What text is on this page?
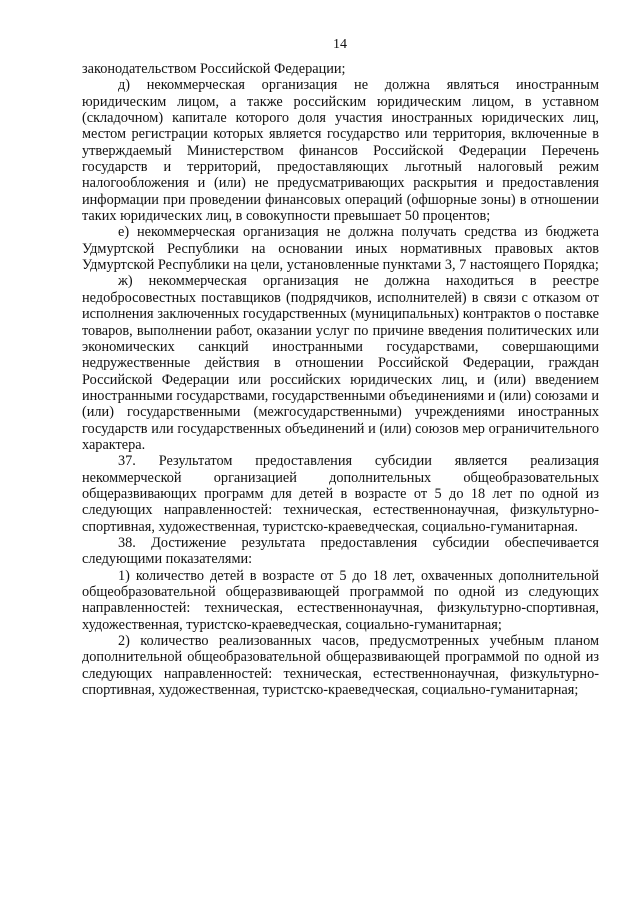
14

законодательством Российской Федерации;

д) некоммерческая организация не должна являться иностранным юридическим лицом, а также российским юридическим лицом, в уставном (складочном) капитале которого доля участия иностранных юридических лиц, местом регистрации которых является государство или территория, включенные в утверждаемый Министерством финансов Российской Федерации Перечень государств и территорий, предоставляющих льготный налоговый режим налогообложения и (или) не предусматривающих раскрытия и предоставления информации при проведении финансовых операций (офшорные зоны) в отношении таких юридических лиц, в совокупности превышает 50 процентов;

е) некоммерческая организация не должна получать средства из бюджета Удмуртской Республики на основании иных нормативных правовых актов Удмуртской Республики на цели, установленные пунктами 3, 7 настоящего Порядка;

ж) некоммерческая организация не должна находиться в реестре недобросовестных поставщиков (подрядчиков, исполнителей) в связи с отказом от исполнения заключенных государственных (муниципальных) контрактов о поставке товаров, выполнении работ, оказании услуг по причине введения политических или экономических санкций иностранными государствами, совершающими недружественные действия в отношении Российской Федерации, граждан Российской Федерации или российских юридических лиц, и (или) введением иностранными государствами, государственными объединениями и (или) союзами и (или) государственными (межгосударственными) учреждениями иностранных государств или государственных объединений и (или) союзов мер ограничительного характера.

37. Результатом предоставления субсидии является реализация некоммерческой организацией дополнительных общеобразовательных общеразвивающих программ для детей в возрасте от 5 до 18 лет по одной из следующих направленностей: техническая, естественнонаучная, физкультурно-спортивная, художественная, туристско-краеведческая, социально-гуманитарная.

38. Достижение результата предоставления субсидии обеспечивается следующими показателями:

1) количество детей в возрасте от 5 до 18 лет, охваченных дополнительной общеобразовательной общеразвивающей программой по одной из следующих направленностей: техническая, естественнонаучная, физкультурно-спортивная, художественная, туристско-краеведческая, социально-гуманитарная;

2) количество реализованных часов, предусмотренных учебным планом дополнительной общеобразовательной общеразвивающей программой по одной из следующих направленностей: техническая, естественнонаучная, физкультурно-спортивная, художественная, туристско-краеведческая, социально-гуманитарная;
